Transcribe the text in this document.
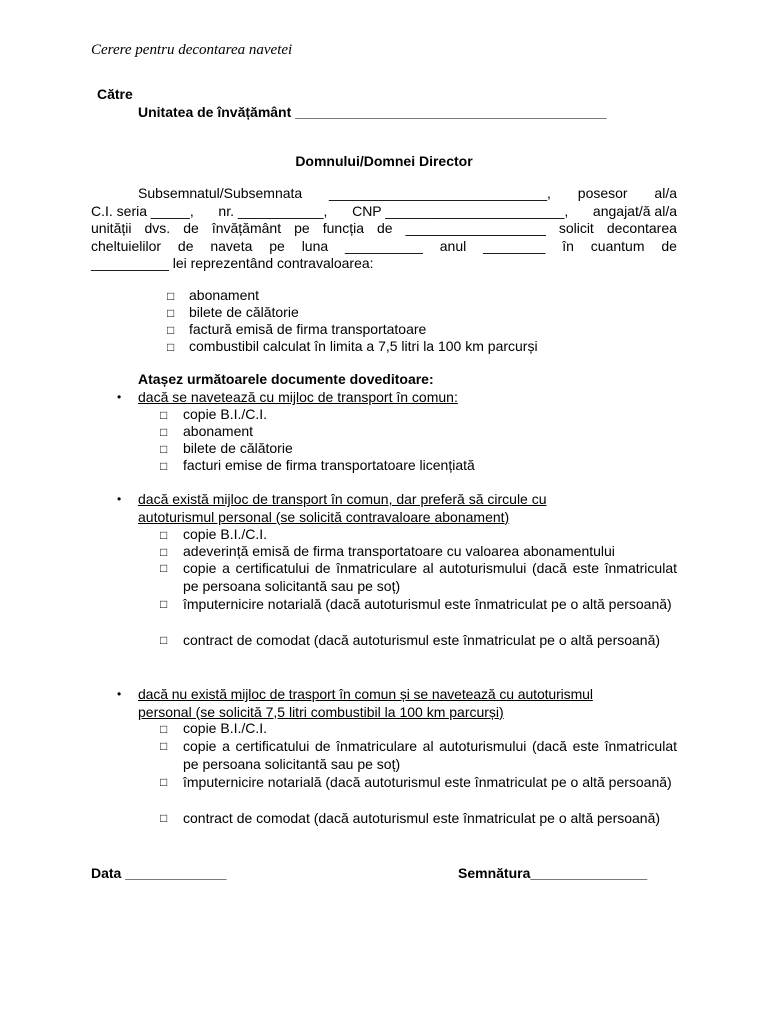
Cerere pentru decontarea navetei
Către
Unitatea de învățământ ________________________________________
Domnului/Domnei Director
Subsemnatul/Subsemnata ____________________________, posesor al/a
C.I. seria _____, nr. ___________, CNP _______________________, angajat/ă al/a
unității dvs. de învățământ pe funcția de __________________ solicit decontarea
cheltuielilor de naveta pe luna __________ anul ________ în cuantum de
__________ lei reprezentând contravaloarea:
□ abonament
□ bilete de călătorie
□ factură emisă de firma transportatoare
□ combustibil calculat în limita a 7,5 litri la 100 km parcurși
Atașez următoarele documente doveditoare:
• dacă se navetează cu mijloc de transport în comun:
□ copie B.I./C.I.
□ abonament
□ bilete de călătorie
□ facturi emise de firma transportatoare licențiată
• dacă există mijloc de transport în comun, dar preferă să circule cu
autoturismul personal (se solicită contravaloare abonament)
□ copie B.I./C.I.
□ adeverință emisă de firma transportatoare cu valoarea abonamentului
□ copie a certificatului de înmatriculare al autoturismului (dacă este înmatriculat pe persoana solicitantă sau pe soț)
□ împuternicire notarială (dacă autoturismul este înmatriculat pe o altă persoană)
□ contract de comodat (dacă autoturismul este înmatriculat pe o altă persoană)
• dacă nu există mijloc de trasport în comun și se navetează cu autoturismul
personal (se solicită 7,5 litri combustibil la 100 km parcurși)
□ copie B.I./C.I.
□ copie a certificatului de înmatriculare al autoturismului (dacă este înmatriculat pe persoana solicitantă sau pe soț)
□ împuternicire notarială (dacă autoturismul este înmatriculat pe o altă persoană)
□ contract de comodat (dacă autoturismul este înmatriculat pe o altă persoană)
Data _____________	Semnătura_______________
